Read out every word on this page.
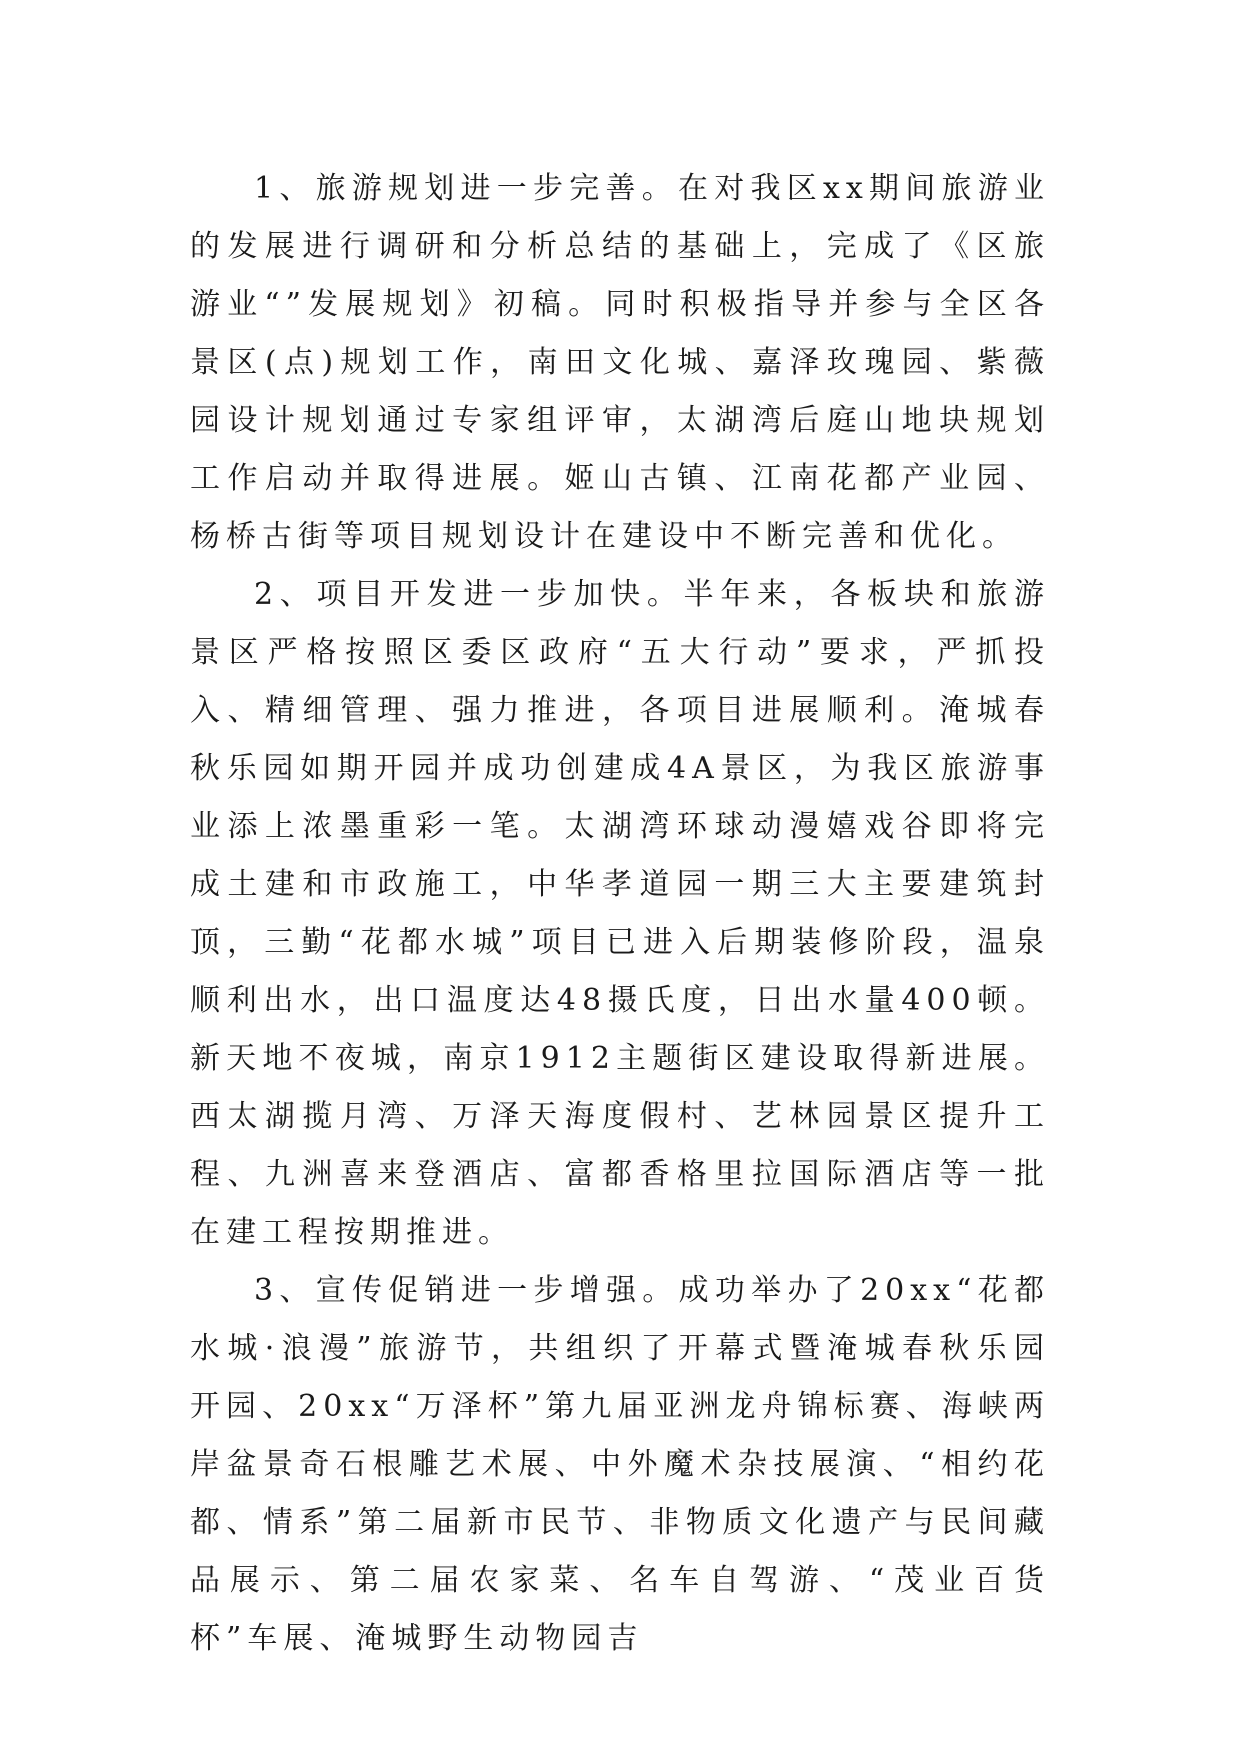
1、旅游规划进一步完善。在对我区xx期间旅游业的发展进行调研和分析总结的基础上，完成了《区旅游业“”发展规划》初稿。同时积极指导并参与全区各景区(点)规划工作，南田文化城、嘉泽玫瑰园、紫薇园设计规划通过专家组评审，太湖湾后庭山地块规划工作启动并取得进展。姬山古镇、江南花都产业园、杨桥古街等项目规划设计在建设中不断完善和优化。

2、项目开发进一步加快。半年来，各板块和旅游景区严格按照区委区政府“五大行动”要求，严抓投入、精细管理、强力推进，各项目进展顺利。淹城春秋乐园如期开园并成功创建成4A景区，为我区旅游事业添上浓墨重彩一笔。太湖湾环球动漫嬉戏谷即将完成土建和市政施工，中华孝道园一期三大主要建筑封顶，三勤“花都水城”项目已进入后期装修阶段，温泉顺利出水，出口温度达48摄氏度，日出水量400顿。新天地不夜城，南京1912主题街区建设取得新进展。西太湖揽月湾、万泽天海度假村、艺林园景区提升工程、九洲喜来登酒店、富都香格里拉国际酒店等一批在建工程按期推进。

3、宣传促销进一步增强。成功举办了20xx“花都水城·浪漫”旅游节，共组织了开幕式暨淹城春秋乐园开园、20xx“万泽杯”第九届亚洲龙舟锦标赛、海峡两岸盆景奇石根雕艺术展、中外魔术杂技展演、“相约花都、情系”第二届新市民节、非物质文化遗产与民间藏品展示、第二届农家菜、名车自驾游、“茂业百货杯”车展、淹城野生动物园吉
